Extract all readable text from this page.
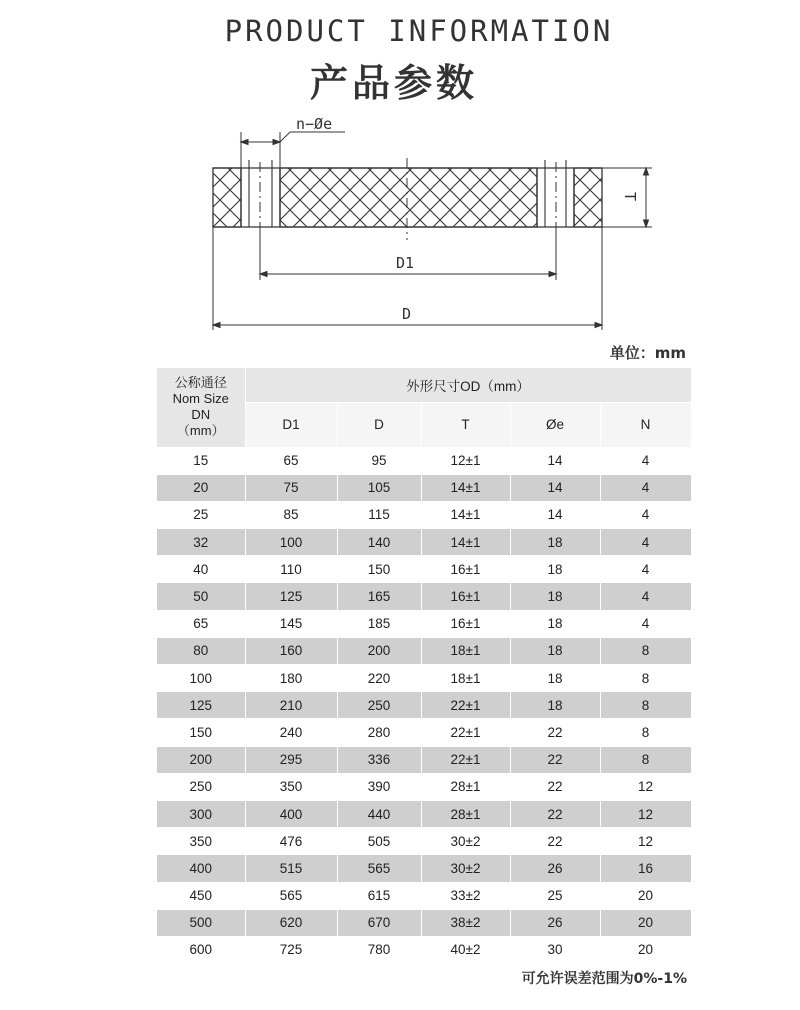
PRODUCT INFORMATION
产品参数
n−Øe
T
D1
D
单位：mm
公称通径
Nom Size
DN
（mm）	外形尺寸OD（mm）				
	D1	D	T	Øe	N
15	65	95	12±1	14	4
20	75	105	14±1	14	4
25	85	115	14±1	14	4
32	100	140	14±1	18	4
40	110	150	16±1	18	4
50	125	165	16±1	18	4
65	145	185	16±1	18	4
80	160	200	18±1	18	8
100	180	220	18±1	18	8
125	210	250	22±1	18	8
150	240	280	22±1	22	8
200	295	336	22±1	22	8
250	350	390	28±1	22	12
300	400	440	28±1	22	12
350	476	505	30±2	22	12
400	515	565	30±2	26	16
450	565	615	33±2	25	20
500	620	670	38±2	26	20
600	725	780	40±2	30	20
可允许误差范围为0%-1%
